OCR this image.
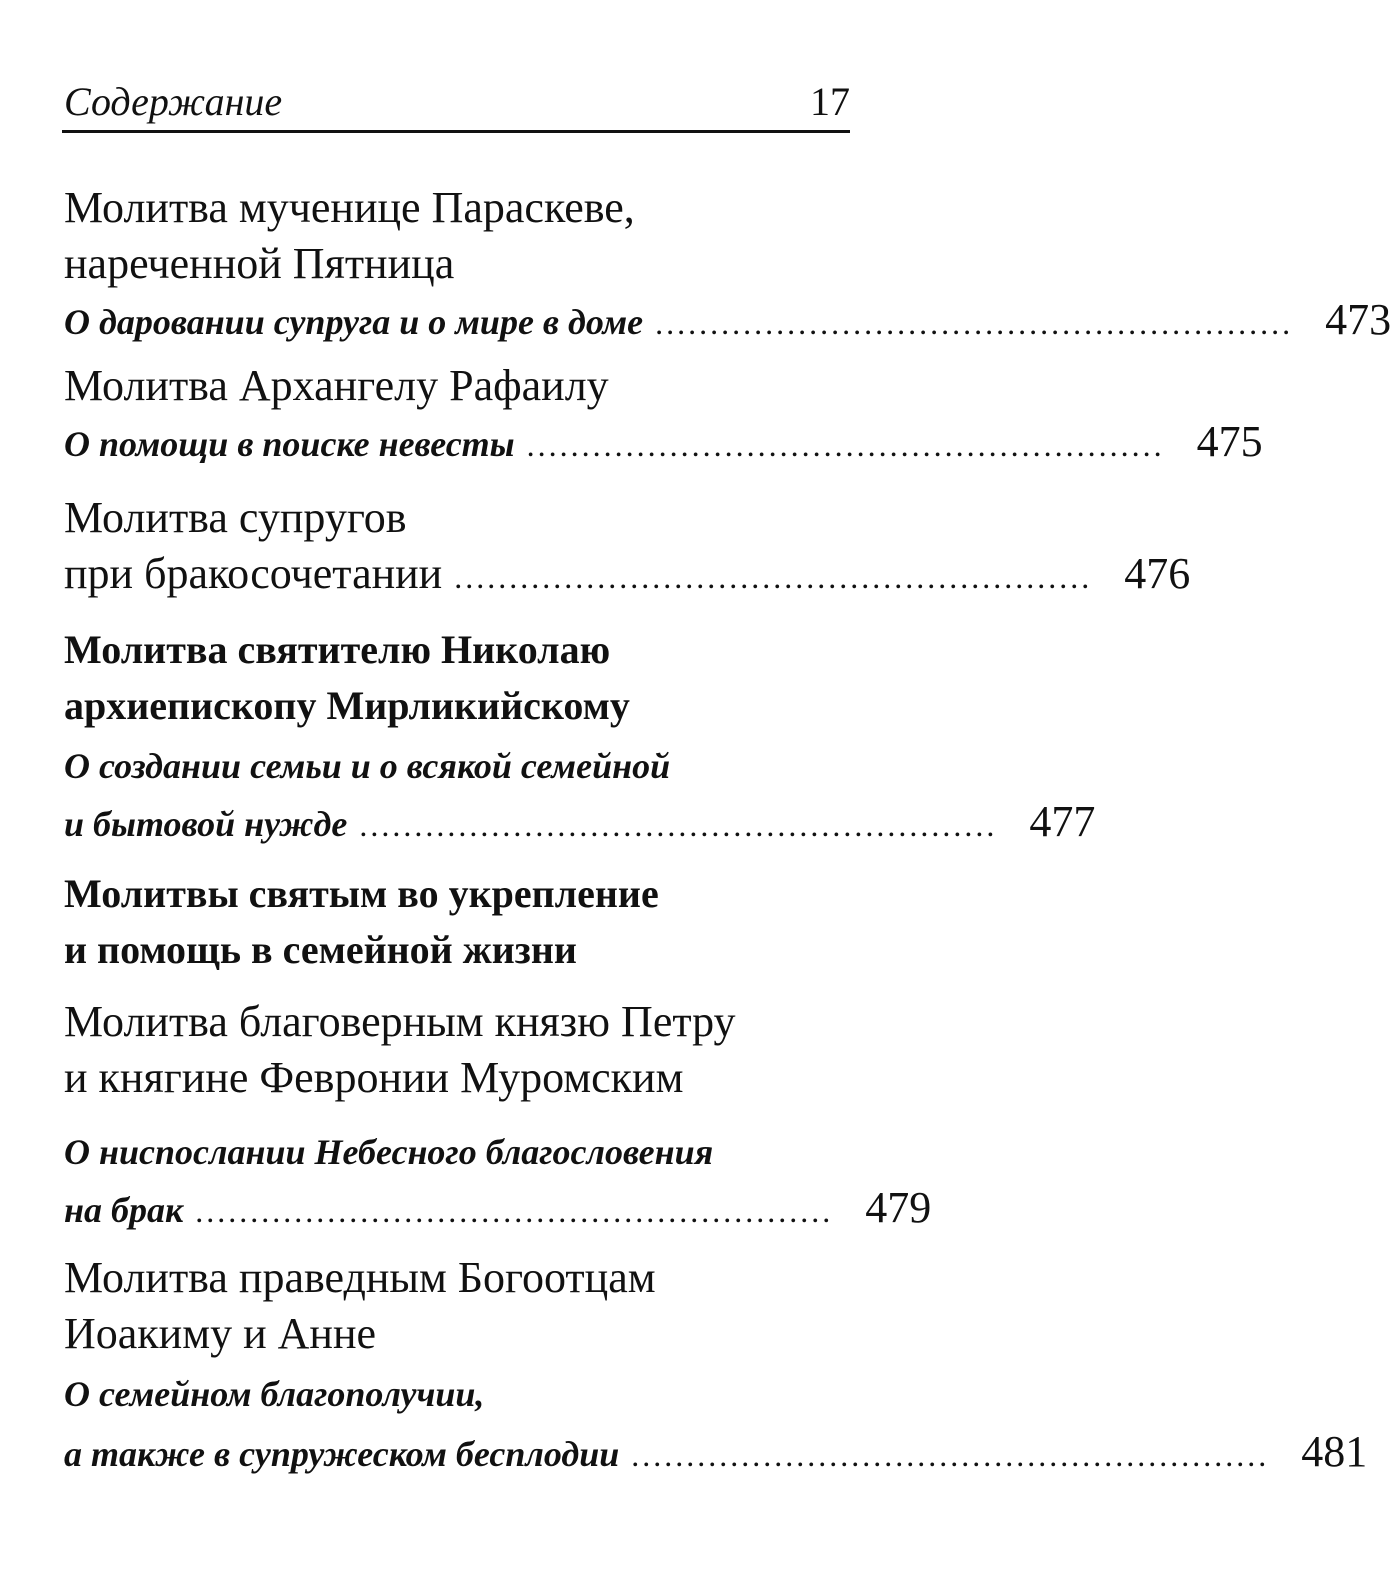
Содержание	17
Молитва мученице Параскеве,
нареченной Пятница
О даровании супруга и о мире в доме .......................................................... 473
Молитва Архангелу Рафаилу
О помощи в поиске невесты .......................................................... 475
Молитва супругов
при бракосочетании .......................................................... 476
Молитва святителю Николаю
архиепископу Мирликийскому
О создании семьи и о всякой семейной
и бытовой нужде .......................................................... 477
Молитвы святым во укрепление
и помощь в семейной жизни
Молитва благоверным князю Петру
и княгине Февронии Муромским
О ниспослании Небесного благословения
на брак .......................................................... 479
Молитва праведным Богоотцам
Иоакиму и Анне
О семейном благополучии,
а также в супружеском бесплодии .......................................................... 481
